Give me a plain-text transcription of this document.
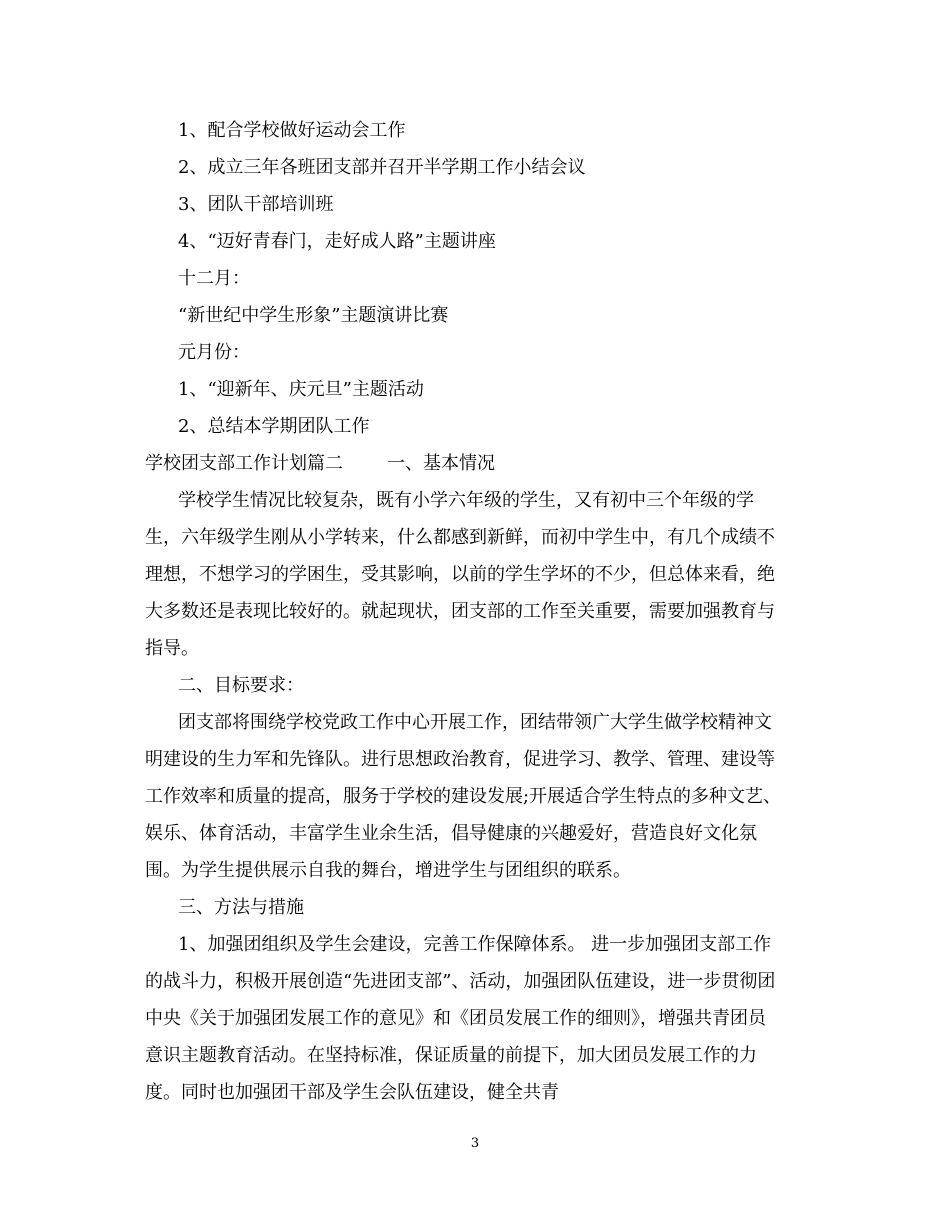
1、配合学校做好运动会工作
2、成立三年各班团支部并召开半学期工作小结会议
3、团队干部培训班
4、“迈好青春门，走好成人路”主题讲座
十二月：
“新世纪中学生形象”主题演讲比赛
元月份：
1、“迎新年、庆元旦”主题活动
2、总结本学期团队工作
学校团支部工作计划篇二 一、基本情况
学校学生情况比较复杂，既有小学六年级的学生，又有初中三个年级的学
生，六年级学生刚从小学转来，什么都感到新鲜，而初中学生中，有几个成绩不
理想，不想学习的学困生，受其影响，以前的学生学坏的不少，但总体来看，绝
大多数还是表现比较好的。就起现状，团支部的工作至关重要，需要加强教育与
指导。
二、目标要求：
团支部将围绕学校党政工作中心开展工作，团结带领广大学生做学校精神文
明建设的生力军和先锋队。进行思想政治教育，促进学习、教学、管理、建设等
工作效率和质量的提高，服务于学校的建设发展;开展适合学生特点的多种文艺、
娱乐、体育活动，丰富学生业余生活，倡导健康的兴趣爱好，营造良好文化氛
围。为学生提供展示自我的舞台，增进学生与团组织的联系。
三、方法与措施
1、加强团组织及学生会建设，完善工作保障体系。 进一步加强团支部工作
的战斗力，积极开展创造“先进团支部”、活动，加强团队伍建设，进一步贯彻团
中央《关于加强团发展工作的意见》和《团员发展工作的细则》，增强共青团员
意识主题教育活动。在坚持标准，保证质量的前提下，加大团员发展工作的力
度。同时也加强团干部及学生会队伍建设，健全共青
3
